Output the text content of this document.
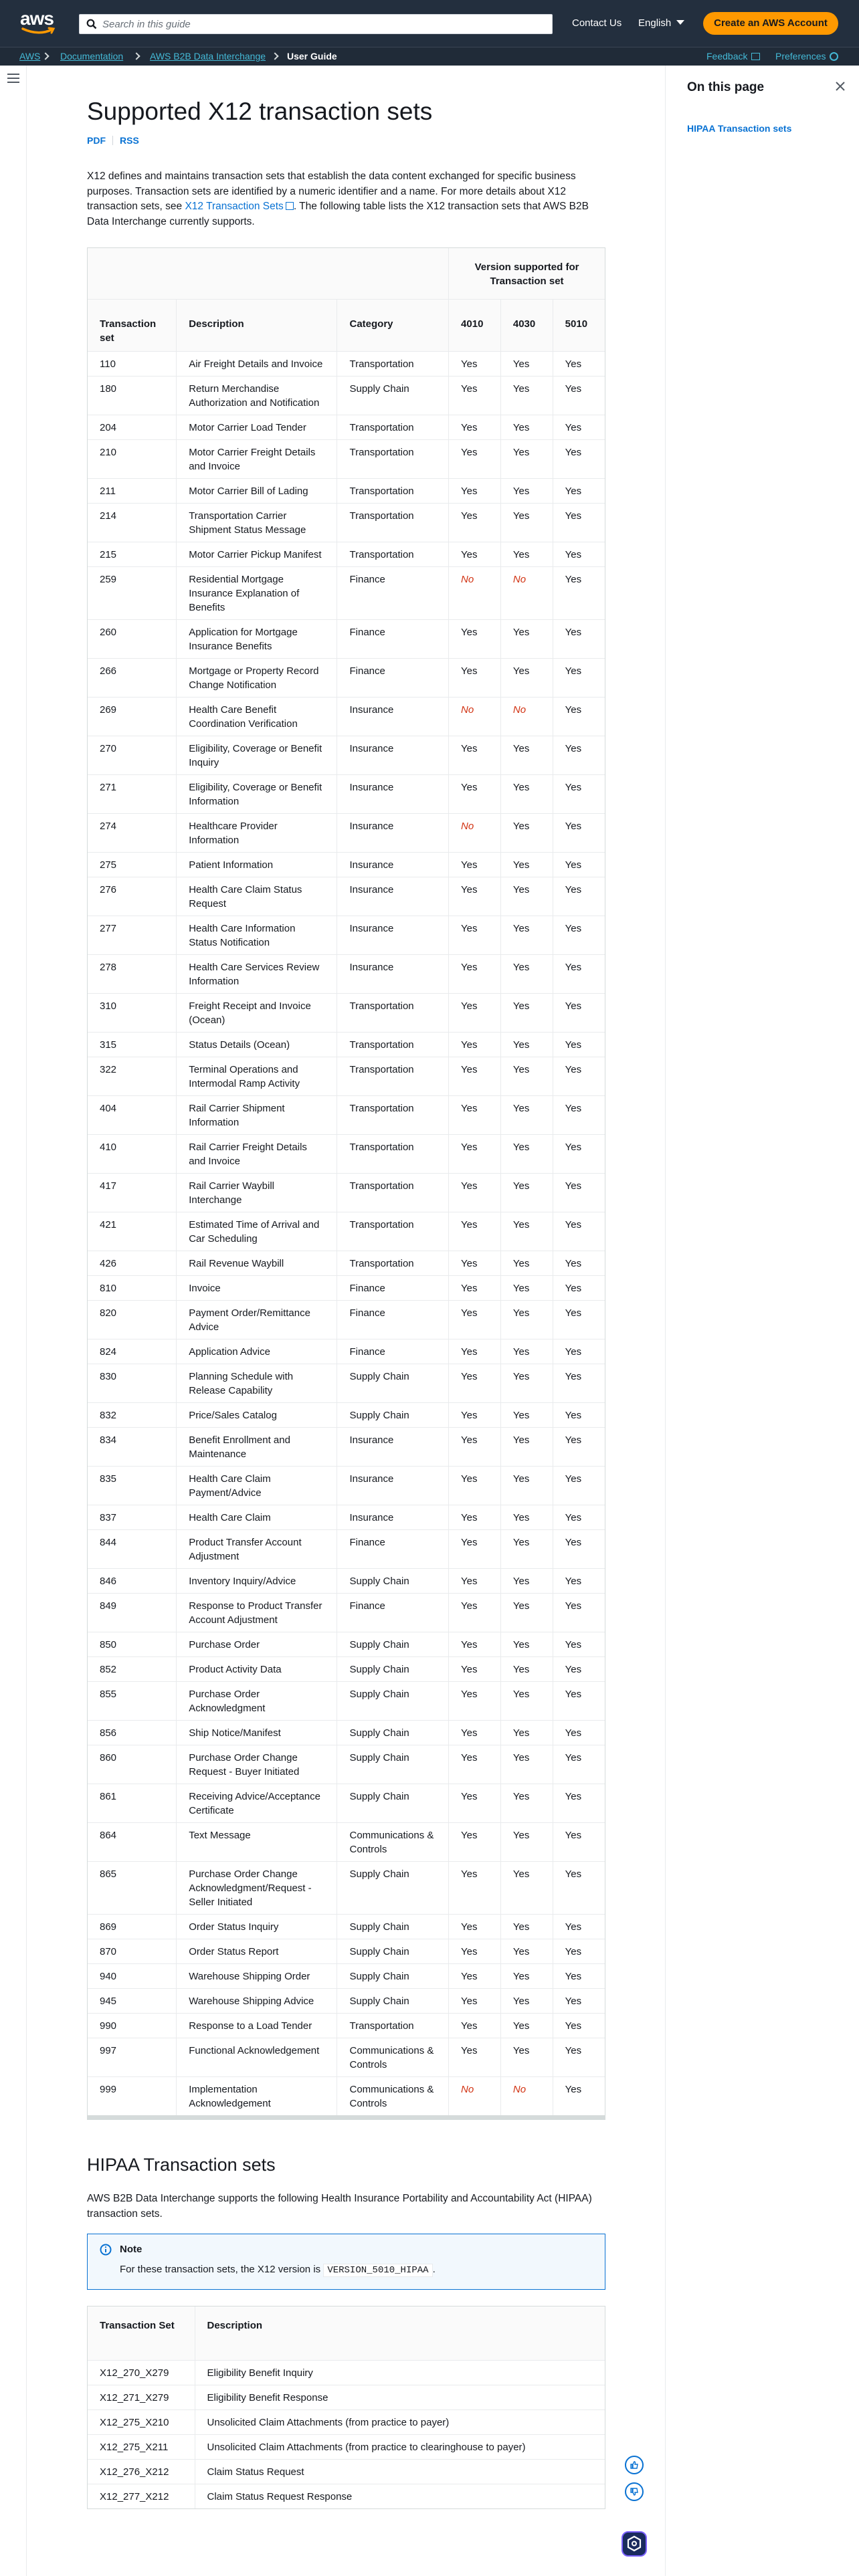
aws
Search in this guide	Contact Us English	Create an AWS Account
AWS Documentation	AWS B2B Data Interchange User Guide	Feedback	Preferences
On this page
HIPAA Transaction sets
Supported X12 transaction sets
PDF RSS

X12 defines and maintains transaction sets that establish the data content exchanged for specific business purposes. Transaction sets are identified by a numeric identifier and a name. For more details about X12 transaction sets, see X12 Transaction Sets . The following table lists the X12 transaction sets that AWS B2B Data Interchange currently supports.

			Version supported for Transaction set		
Transaction set	Description	Category	4010	4030	5010
110	Air Freight Details and Invoice	Transportation	Yes	Yes	Yes
180	Return Merchandise Authorization and Notification	Supply Chain	Yes	Yes	Yes
204	Motor Carrier Load Tender	Transportation	Yes	Yes	Yes
210	Motor Carrier Freight Details and Invoice	Transportation	Yes	Yes	Yes
211	Motor Carrier Bill of Lading	Transportation	Yes	Yes	Yes
214	Transportation Carrier Shipment Status Message	Transportation	Yes	Yes	Yes
215	Motor Carrier Pickup Manifest	Transportation	Yes	Yes	Yes
259	Residential Mortgage Insurance Explanation of Benefits	Finance	No	No	Yes
260	Application for Mortgage Insurance Benefits	Finance	Yes	Yes	Yes
266	Mortgage or Property Record Change Notification	Finance	Yes	Yes	Yes
269	Health Care Benefit Coordination Verification	Insurance	No	No	Yes
270	Eligibility, Coverage or Benefit Inquiry	Insurance	Yes	Yes	Yes
271	Eligibility, Coverage or Benefit Information	Insurance	Yes	Yes	Yes
274	Healthcare Provider Information	Insurance	No	Yes	Yes
275	Patient Information	Insurance	Yes	Yes	Yes
276	Health Care Claim Status Request	Insurance	Yes	Yes	Yes
277	Health Care Information Status Notification	Insurance	Yes	Yes	Yes
278	Health Care Services Review Information	Insurance	Yes	Yes	Yes
310	Freight Receipt and Invoice (Ocean)	Transportation	Yes	Yes	Yes
315	Status Details (Ocean)	Transportation	Yes	Yes	Yes
322	Terminal Operations and Intermodal Ramp Activity	Transportation	Yes	Yes	Yes
404	Rail Carrier Shipment Information	Transportation	Yes	Yes	Yes
410	Rail Carrier Freight Details and Invoice	Transportation	Yes	Yes	Yes
417	Rail Carrier Waybill Interchange	Transportation	Yes	Yes	Yes
421	Estimated Time of Arrival and Car Scheduling	Transportation	Yes	Yes	Yes
426	Rail Revenue Waybill	Transportation	Yes	Yes	Yes
810	Invoice	Finance	Yes	Yes	Yes
820	Payment Order/Remittance Advice	Finance	Yes	Yes	Yes
824	Application Advice	Finance	Yes	Yes	Yes
830	Planning Schedule with Release Capability	Supply Chain	Yes	Yes	Yes
832	Price/Sales Catalog	Supply Chain	Yes	Yes	Yes
834	Benefit Enrollment and Maintenance	Insurance	Yes	Yes	Yes
835	Health Care Claim Payment/Advice	Insurance	Yes	Yes	Yes
837	Health Care Claim	Insurance	Yes	Yes	Yes
844	Product Transfer Account Adjustment	Finance	Yes	Yes	Yes
846	Inventory Inquiry/Advice	Supply Chain	Yes	Yes	Yes
849	Response to Product Transfer Account Adjustment	Finance	Yes	Yes	Yes
850	Purchase Order	Supply Chain	Yes	Yes	Yes
852	Product Activity Data	Supply Chain	Yes	Yes	Yes
855	Purchase Order Acknowledgment	Supply Chain	Yes	Yes	Yes
856	Ship Notice/Manifest	Supply Chain	Yes	Yes	Yes
860	Purchase Order Change Request - Buyer Initiated	Supply Chain	Yes	Yes	Yes
861	Receiving Advice/Acceptance Certificate	Supply Chain	Yes	Yes	Yes
864	Text Message	Communications & Controls	Yes	Yes	Yes
865	Purchase Order Change Acknowledgment/Request - Seller Initiated	Supply Chain	Yes	Yes	Yes
869	Order Status Inquiry	Supply Chain	Yes	Yes	Yes
870	Order Status Report	Supply Chain	Yes	Yes	Yes
940	Warehouse Shipping Order	Supply Chain	Yes	Yes	Yes
945	Warehouse Shipping Advice	Supply Chain	Yes	Yes	Yes
990	Response to a Load Tender	Transportation	Yes	Yes	Yes
997	Functional Acknowledgement	Communications & Controls	Yes	Yes	Yes
999	Implementation Acknowledgement	Communications & Controls	No	No	Yes
HIPAA Transaction sets

AWS B2B Data Interchange supports the following Health Insurance Portability and Accountability Act (HIPAA) transaction sets.

Note
For these transaction sets, the X12 version is VERSION_5010_HIPAA .
Transaction Set	Description
X12_270_X279	Eligibility Benefit Inquiry
X12_271_X279	Eligibility Benefit Response
X12_275_X210	Unsolicited Claim Attachments (from practice to payer)
X12_275_X211	Unsolicited Claim Attachments (from practice to clearinghouse to payer)
X12_276_X212	Claim Status Request
X12_277_X212	Claim Status Request Response
